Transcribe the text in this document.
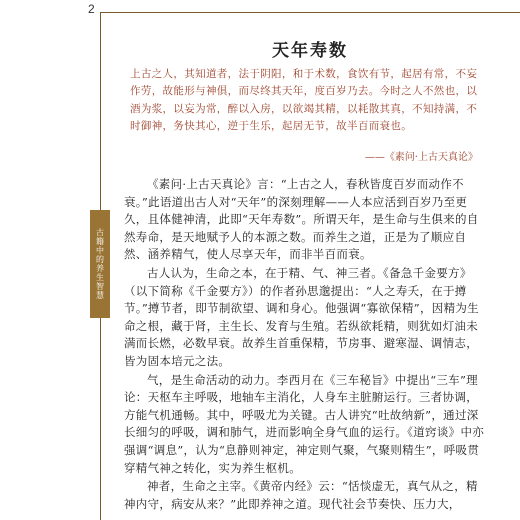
2
古籍中的养生智慧
天年寿数
上古之人，其知道者，法于阴阳，和于术数，食饮有节，起居有常，不妄作劳，故能形与神俱，而尽终其天年，度百岁乃去。今时之人不然也，以酒为浆，以妄为常，醉以入房，以欲竭其精，以耗散其真，不知持满，不时御神，务快其心，逆于生乐，起居无节，故半百而衰也。
——《素问·上古天真论》

《素问·上古天真论》言：“上古之人，春秋皆度百岁而动作不衰。”此语道出古人对“天年”的深刻理解——人本应活到百岁乃至更久，且体健神清，此即“天年寿数”。所谓天年，是生命与生俱来的自然寿命，是天地赋予人的本源之数。而养生之道，正是为了顺应自然、涵养精气，使人尽享天年，而非半百而衰。

古人认为，生命之本，在于精、气、神三者。《备急千金要方》（以下简称《千金要方》）的作者孙思邈提出：“人之寿夭，在于撙节。”撙节者，即节制欲望、调和身心。他强调“寡欲保精”，因精为生命之根，藏于肾，主生长、发育与生殖。若纵欲耗精，则犹如灯油未满而长燃，必数早衰。故养生首重保精，节房事、避寒湿、调情志，皆为固本培元之法。

气，是生命活动的动力。李西月在《三车秘旨》中提出“三车”理论：天枢车主呼吸，地轴车主消化，人身车主脏腑运行。三者协调，方能气机通畅。其中，呼吸尤为关键。古人讲究“吐故纳新”，通过深长细匀的呼吸，调和肺气，进而影响全身气血的运行。《道窍谈》中亦强调“调息”，认为“息静则神定，神定则气聚，气聚则精生”，呼吸贯穿精气神之转化，实为养生枢机。

神者，生命之主宰。《黄帝内经》云：“恬惔虚无，真气从之，精神内守，病安从来？”此即养神之道。现代社会节奏快、压力大，
